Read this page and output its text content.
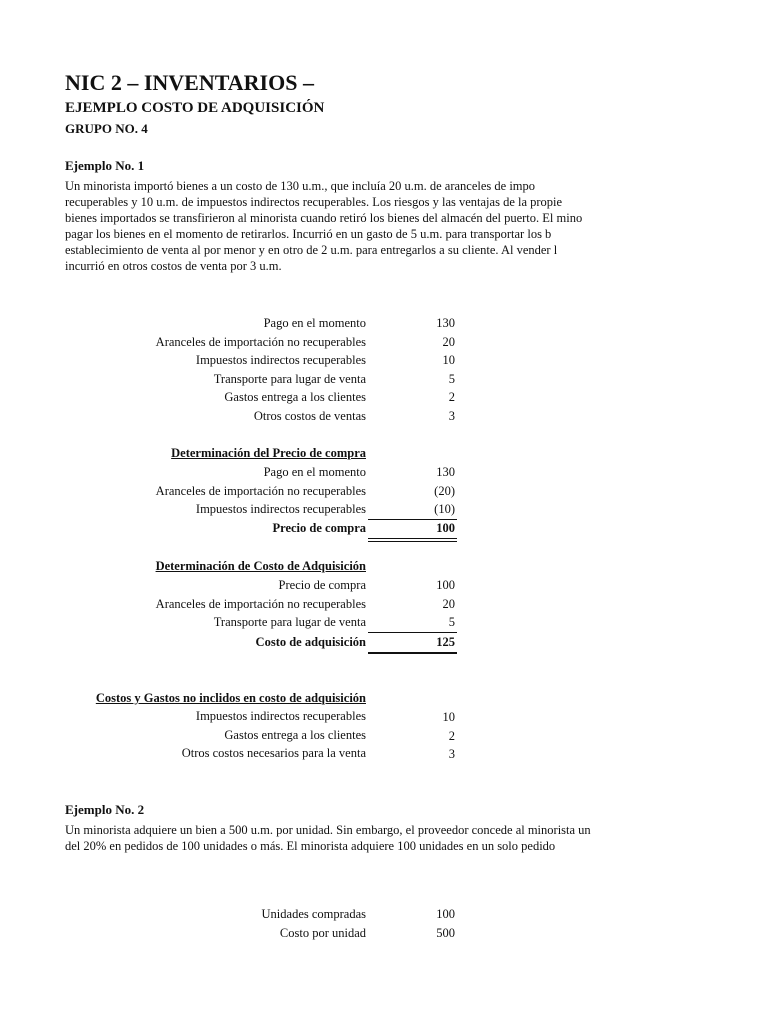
NIC 2 – INVENTARIOS –
EJEMPLO COSTO DE ADQUISICIÓN
GRUPO NO. 4
Ejemplo No. 1
Un minorista importó bienes a un costo de 130 u.m., que incluía 20 u.m. de aranceles de impo
recuperables y 10 u.m. de impuestos indirectos recuperables. Los riesgos y las ventajas de la propie
bienes importados se transfirieron al minorista cuando retiró los bienes del almacén del puerto. El mino
pagar los bienes en el momento de retirarlos. Incurrió en un gasto de 5 u.m. para transportar los b
establecimiento de venta al por menor y en otro de 2 u.m. para entregarlos a su cliente. Al vender l
incurrió en otros costos de venta por 3 u.m.
Pago en el momento	130
Aranceles de importación no recuperables	20
Impuestos indirectos recuperables	10
Transporte para lugar de venta	5
Gastos entrega a los clientes	2
Otros costos de ventas	3
Determinación del Precio de compra
Pago en el momento	130
Aranceles de importación no recuperables	(20)
Impuestos indirectos recuperables	(10)
Precio de compra	100
Determinación de Costo de Adquisición
Precio de compra	100
Aranceles de importación no recuperables	20
Transporte para lugar de venta	5
Costo de adquisición	125
Costos y Gastos no inclidos en costo de adquisición
Impuestos indirectos recuperables	10
Gastos entrega a los clientes	2
Otros costos necesarios para la venta	3
Ejemplo No. 2
Un minorista adquiere un bien a 500 u.m. por unidad. Sin embargo, el proveedor concede al minorista un
del 20% en pedidos de 100 unidades o más. El minorista adquiere 100 unidades en un solo pedido
Unidades compradas	100
Costo por unidad	500
